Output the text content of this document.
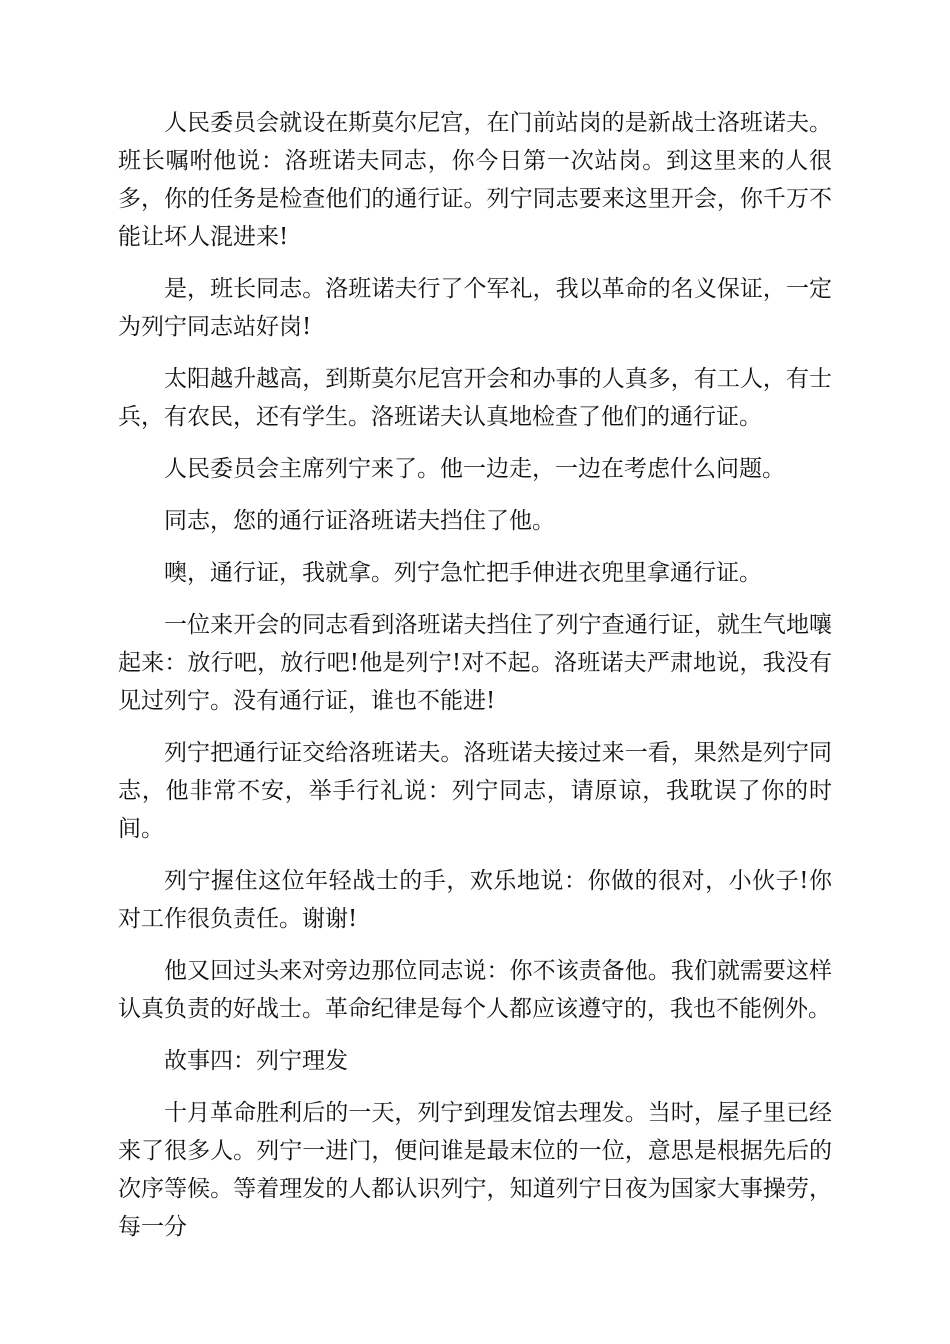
人民委员会就设在斯莫尔尼宫，在门前站岗的是新战士洛班诺夫。班长嘱咐他说：洛班诺夫同志，你今日第一次站岗。到这里来的人很多，你的任务是检查他们的通行证。列宁同志要来这里开会，你千万不能让坏人混进来!

是，班长同志。洛班诺夫行了个军礼，我以革命的名义保证，一定为列宁同志站好岗!

太阳越升越高，到斯莫尔尼宫开会和办事的人真多，有工人，有士兵，有农民，还有学生。洛班诺夫认真地检查了他们的通行证。

人民委员会主席列宁来了。他一边走，一边在考虑什么问题。

同志，您的通行证洛班诺夫挡住了他。

噢，通行证，我就拿。列宁急忙把手伸进衣兜里拿通行证。

一位来开会的同志看到洛班诺夫挡住了列宁查通行证，就生气地嚷起来：放行吧，放行吧!他是列宁!对不起。洛班诺夫严肃地说，我没有见过列宁。没有通行证，谁也不能进!

列宁把通行证交给洛班诺夫。洛班诺夫接过来一看，果然是列宁同志，他非常不安，举手行礼说：列宁同志，请原谅，我耽误了你的时间。

列宁握住这位年轻战士的手，欢乐地说：你做的很对，小伙子!你对工作很负责任。谢谢!

他又回过头来对旁边那位同志说：你不该责备他。我们就需要这样认真负责的好战士。革命纪律是每个人都应该遵守的，我也不能例外。

故事四：列宁理发

十月革命胜利后的一天，列宁到理发馆去理发。当时，屋子里已经来了很多人。列宁一进门，便问谁是最末位的一位，意思是根据先后的次序等候。等着理发的人都认识列宁，知道列宁日夜为国家大事操劳，每一分
